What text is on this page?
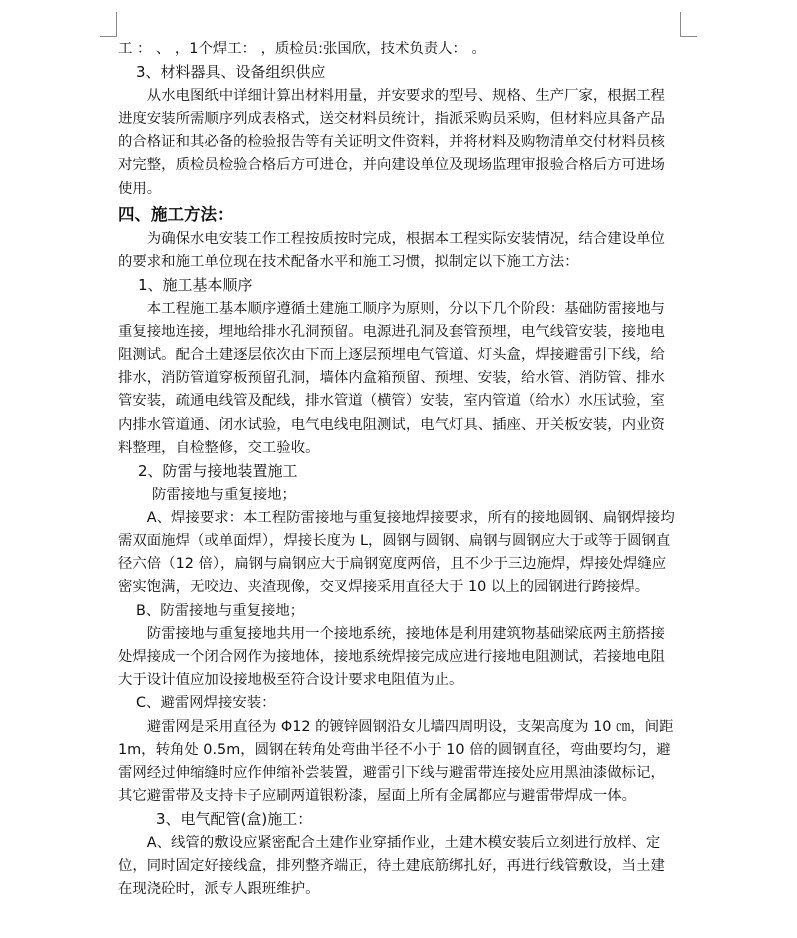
工 ： 、 ，1个焊工： ，质检员:张国欣，技术负责人： 。

3、材料器具、设备组织供应

从水电图纸中详细计算出材料用量，并安要求的型号、规格、生产厂家，根据工程进度安装所需顺序列成表格式，送交材料员统计，指派采购员采购，但材料应具备产品的合格证和其必备的检验报告等有关证明文件资料，并将材料及购物清单交付材料员核对完整，质检员检验合格后方可进仓，并向建设单位及现场监理审报验合格后方可进场使用。

四、施工方法：

为确保水电安装工作工程按质按时完成，根据本工程实际安装情况，结合建设单位的要求和施工单位现在技术配备水平和施工习惯，拟制定以下施工方法：

1、施工基本顺序

本工程施工基本顺序遵循土建施工顺序为原则，分以下几个阶段：基础防雷接地与重复接地连接，埋地给排水孔洞预留。电源进孔洞及套管预埋，电气线管安装，接地电阻测试。配合土建逐层依次由下而上逐层预埋电气管道、灯头盒，焊接避雷引下线，给排水，消防管道穿板预留孔洞，墙体内盒箱预留、预埋、安装，给水管、消防管、排水管安装，疏通电线管及配线，排水管道（横管）安装，室内管道（给水）水压试验，室内排水管道通、闭水试验，电气电线电阻测试，电气灯具、插座、开关板安装，内业资料整理，自检整修，交工验收。

2、防雷与接地装置施工

防雷接地与重复接地；

A、焊接要求：本工程防雷接地与重复接地焊接要求，所有的接地圆钢、扁钢焊接均需双面施焊（或单面焊），焊接长度为 L，圆钢与圆钢、扁钢与圆钢应大于或等于圆钢直径六倍（12 倍），扁钢与扁钢应大于扁钢宽度两倍，且不少于三边施焊，焊接处焊缝应密实饱满，无咬边、夹渣现像，交叉焊接采用直径大于 10 以上的园钢进行跨接焊。

B、防雷接地与重复接地；

防雷接地与重复接地共用一个接地系统，接地体是利用建筑物基础梁底两主筋搭接处焊接成一个闭合网作为接地体，接地系统焊接完成应进行接地电阻测试，若接地电阻大于设计值应加设接地极至符合设计要求电阻值为止。

C、避雷网焊接安装：

避雷网是采用直径为 Φ12 的镀锌圆钢沿女儿墙四周明设，支架高度为 10 ㎝，间距 1m，转角处 0.5m，圆钢在转角处弯曲半径不小于 10 倍的圆钢直径，弯曲要均匀，避雷网经过伸缩缝时应作伸缩补尝装置，避雷引下线与避雷带连接处应用黑油漆做标记，其它避雷带及支持卡子应刷两道银粉漆，屋面上所有金属都应与避雷带焊成一体。

3、电气配管(盒)施工：

A、线管的敷设应紧密配合土建作业穿插作业，土建木模安装后立刻进行放样、定位，同时固定好接线盒，排列整齐端正，待土建底筋绑扎好，再进行线管敷设，当土建在现浇砼时，派专人跟班维护。
